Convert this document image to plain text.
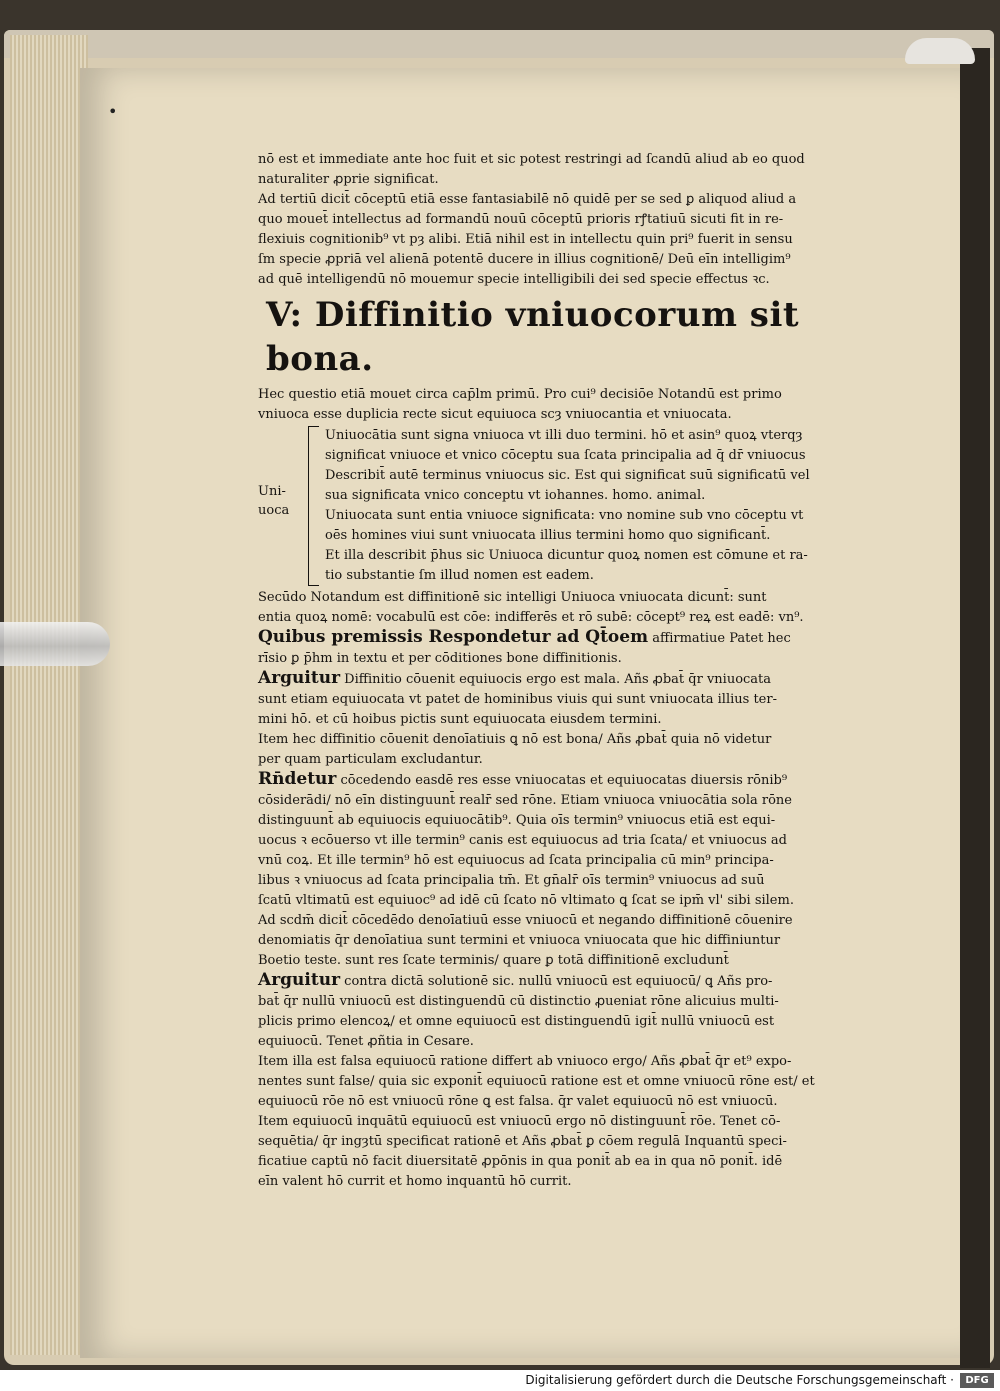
•

nō est et immediate ante hoc fuit et sic potest restringi ad ſcandū aliud ab eo quod

naturaliter ꝓprie significat.

Ad tertiū dicit̄ cōceptū etiā esse fantasiabilē nō quidē per se sed ꝑ aliquod aliud a

quo mouet̄ intellectus ad formandū nouū cōceptū prioris rꝭtatiuū sicuti fit in re-

flexiuis cognitionib⁹ vt pȝ alibi. Etiā nihil est in intellectu quin pri⁹ fuerit in sensu

ſm specie ꝓpriā vel alienā potentē ducere in illius cognitionē/ Deū eīn intelligim⁹

ad quē intelligendū nō mouemur specie intelligibili dei sed specie effectus ꝛc.

V: Diffinitio vniuocorum sit bona.

Hec questio etiā mouet circa cap̄lm primū. Pro cui⁹ decisiōe Notandū est primo

vniuoca esse duplicia recte sicut equiuoca scȝ vniuocantia et vniuocata.

Uni-
uoca

Uniuocātia sunt signa vniuoca vt illi duo termini. hō et asin⁹ quoꝝ vterqȝ

significat vniuoce et vnico cōceptu sua ſcata principalia ad q̄ dr̄ vniuocus

Describit̄ autē terminus vniuocus sic. Est qui significat suū significatū vel

sua significata vnico conceptu vt iohannes. homo. animal.

Uniuocata sunt entia vniuoce significata: vno nomine sub vno cōceptu vt

oēs homines viui sunt vniuocata illius termini homo quo significant̄.

Et illa describit p̄hus sic Uniuoca dicuntur quoꝝ nomen est cōmune et ra-

tio substantie ſm illud nomen est eadem.

Secūdo Notandum est diffinitionē sic intelligi Uniuoca vniuocata dicunt̄: sunt

entia quoꝝ nomē: vocabulū est cōe: indifferēs et rō subē: cōcept⁹ reꝝ est eadē: vn⁹.

Quibus premissis Respondetur ad Qt̄oem affirmatiue Patet hec

rīsio ꝑ p̄hm in textu et per cōditiones bone diffinitionis.

Arguitur Diffinitio cōuenit equiuocis ergo est mala. Añs ꝓbat̄ q̄r vniuocata

sunt etiam equiuocata vt patet de hominibus viuis qui sunt vniuocata illius ter-

mini hō. et cū hoibus pictis sunt equiuocata eiusdem termini.

Item hec diffinitio cōuenit denoīatiuis ꝗ nō est bona/ Añs ꝓbat̄ quia nō videtur

per quam particulam excludantur.

Rn̄detur cōcedendo easdē res esse vniuocatas et equiuocatas diuersis rōnib⁹

cōsiderādi/ nō eīn distinguunt̄ realr̄ sed rōne. Etiam vniuoca vniuocātia sola rōne

distinguunt̄ ab equiuocis equiuocātib⁹. Quia oīs termin⁹ vniuocus etiā est equi-

uocus ꝛ ecōuerso vt ille termin⁹ canis est equiuocus ad tria ſcata/ et vniuocus ad

vnū coꝝ. Et ille termin⁹ hō est equiuocus ad ſcata principalia cū min⁹ principa-

libus ꝛ vniuocus ad ſcata principalia tm̄. Et gn̄alr̄ oīs termin⁹ vniuocus ad suū

ſcatū vltimatū est equiuoc⁹ ad idē cū ſcato nō vltimato ꝗ ſcat se ipm̄ vl' sibi silem.

Ad scdm̄ dicit̄ cōcedēdo denoīatiuū esse vniuocū et negando diffinitionē cōuenire

denomiatis q̄r denoīatiua sunt termini et vniuoca vniuocata que hic diffiniuntur

Boetio teste. sunt res ſcate terminis/ quare ꝑ totā diffinitionē excludunt̄

Arguitur contra dictā solutionē sic. nullū vniuocū est equiuocū/ ꝗ Añs pro-

bat̄ q̄r nullū vniuocū est distinguendū cū distinctio ꝓueniat rōne alicuius multi-

plicis primo elencoꝝ/ et omne equiuocū est distinguendū igit̄ nullū vniuocū est

equiuocū. Tenet ꝓñtia in Cesare.

Item illa est falsa equiuocū ratione differt ab vniuoco ergo/ Añs ꝓbat̄ q̄r et⁹ expo-

nentes sunt false/ quia sic exponit̄ equiuocū ratione est et omne vniuocū rōne est/ et

equiuocū rōe nō est vniuocū rōne ꝗ est falsa. q̄r valet equiuocū nō est vniuocū.

Item equiuocū inquātū equiuocū est vniuocū ergo nō distinguunt̄ rōe. Tenet cō-

sequētia/ q̄r ingȝtū specificat rationē et Añs ꝓbat̄ ꝑ cōem regulā Inquantū speci-

ficatiue captū nō facit diuersitatē ꝓpōnis in qua ponit̄ ab ea in qua nō ponit̄. idē

eīn valent hō currit et homo inquantū hō currit.

Digitalisierung gefördert durch die Deutsche Forschungsgemeinschaft ·	DFG
